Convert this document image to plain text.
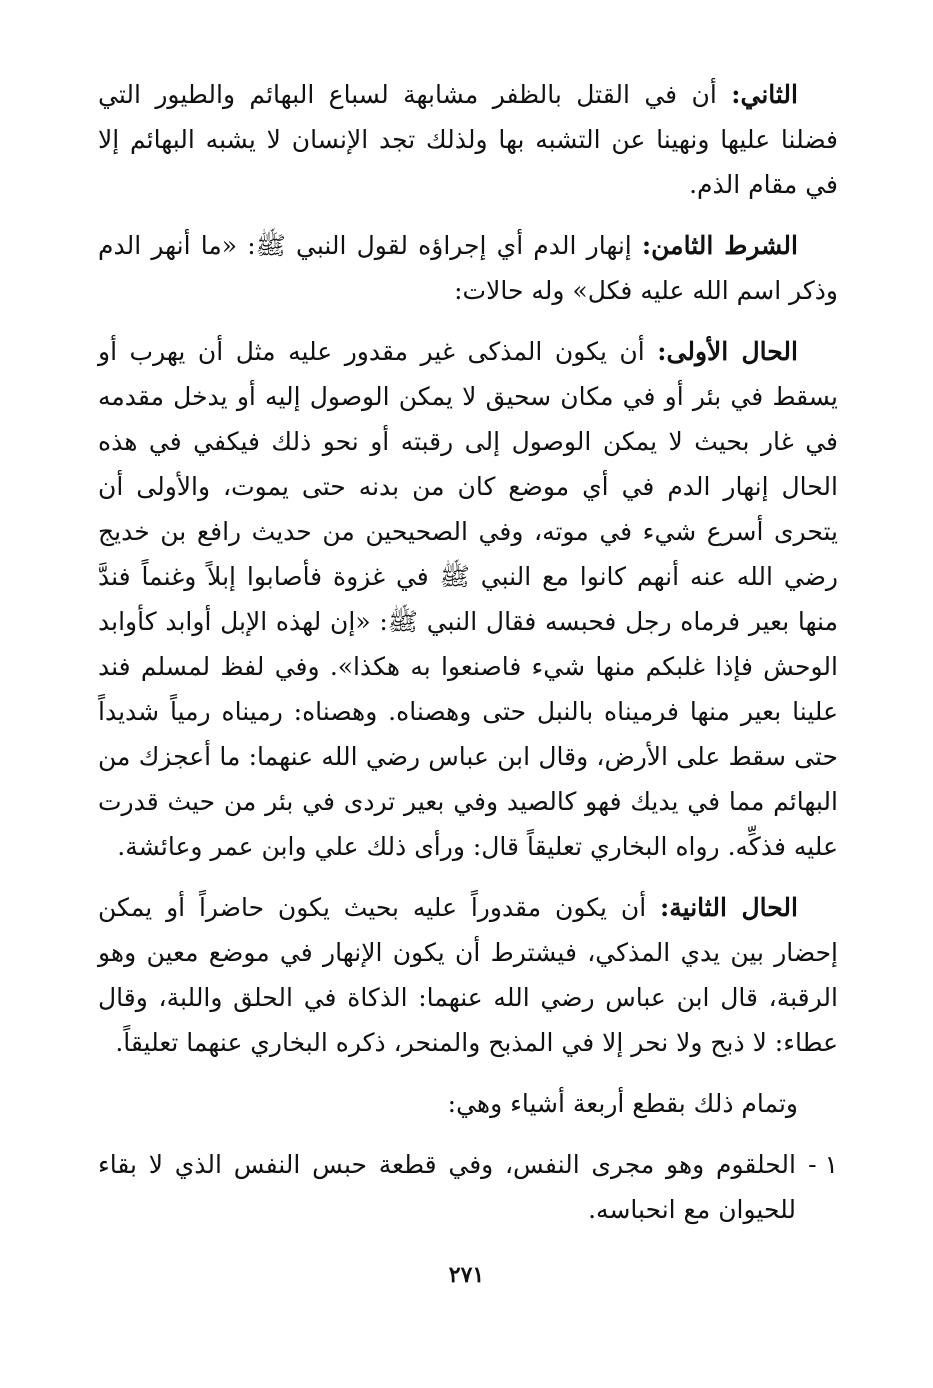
الثاني: أن في القتل بالظفر مشابهة لسباع البهائم والطيور التي فضلنا عليها ونهينا عن التشبه بها ولذلك تجد الإنسان لا يشبه البهائم إلا في مقام الذم.

الشرط الثامن: إنهار الدم أي إجراؤه لقول النبي ﷺ: «ما أنهر الدم وذكر اسم الله عليه فكل» وله حالات:

الحال الأولى: أن يكون المذكى غير مقدور عليه مثل أن يهرب أو يسقط في بئر أو في مكان سحيق لا يمكن الوصول إليه أو يدخل مقدمه في غار بحيث لا يمكن الوصول إلى رقبته أو نحو ذلك فيكفي في هذه الحال إنهار الدم في أي موضع كان من بدنه حتى يموت، والأولى أن يتحرى أسرع شيء في موته، وفي الصحيحين من حديث رافع بن خديج رضي الله عنه أنهم كانوا مع النبي ﷺ في غزوة فأصابوا إبلاً وغنماً فندَّ منها بعير فرماه رجل فحبسه فقال النبي ﷺ: «إن لهذه الإبل أوابد كأوابد الوحش فإذا غلبكم منها شيء فاصنعوا به هكذا». وفي لفظ لمسلم فند علينا بعير منها فرميناه بالنبل حتى وهصناه. وهصناه: رميناه رمياً شديداً حتى سقط على الأرض، وقال ابن عباس رضي الله عنهما: ما أعجزك من البهائم مما في يديك فهو كالصيد وفي بعير تردى في بئر من حيث قدرت عليه فذكِّه. رواه البخاري تعليقاً قال: ورأى ذلك علي وابن عمر وعائشة.

الحال الثانية: أن يكون مقدوراً عليه بحيث يكون حاضراً أو يمكن إحضار بين يدي المذكي، فيشترط أن يكون الإنهار في موضع معين وهو الرقبة، قال ابن عباس رضي الله عنهما: الذكاة في الحلق واللبة، وقال عطاء: لا ذبح ولا نحر إلا في المذبح والمنحر، ذكره البخاري عنهما تعليقاً.

وتمام ذلك بقطع أربعة أشياء وهي:

١ -
الحلقوم وهو مجرى النفس، وفي قطعة حبس النفس الذي لا بقاء للحيوان مع انحباسه.

٢٧١
